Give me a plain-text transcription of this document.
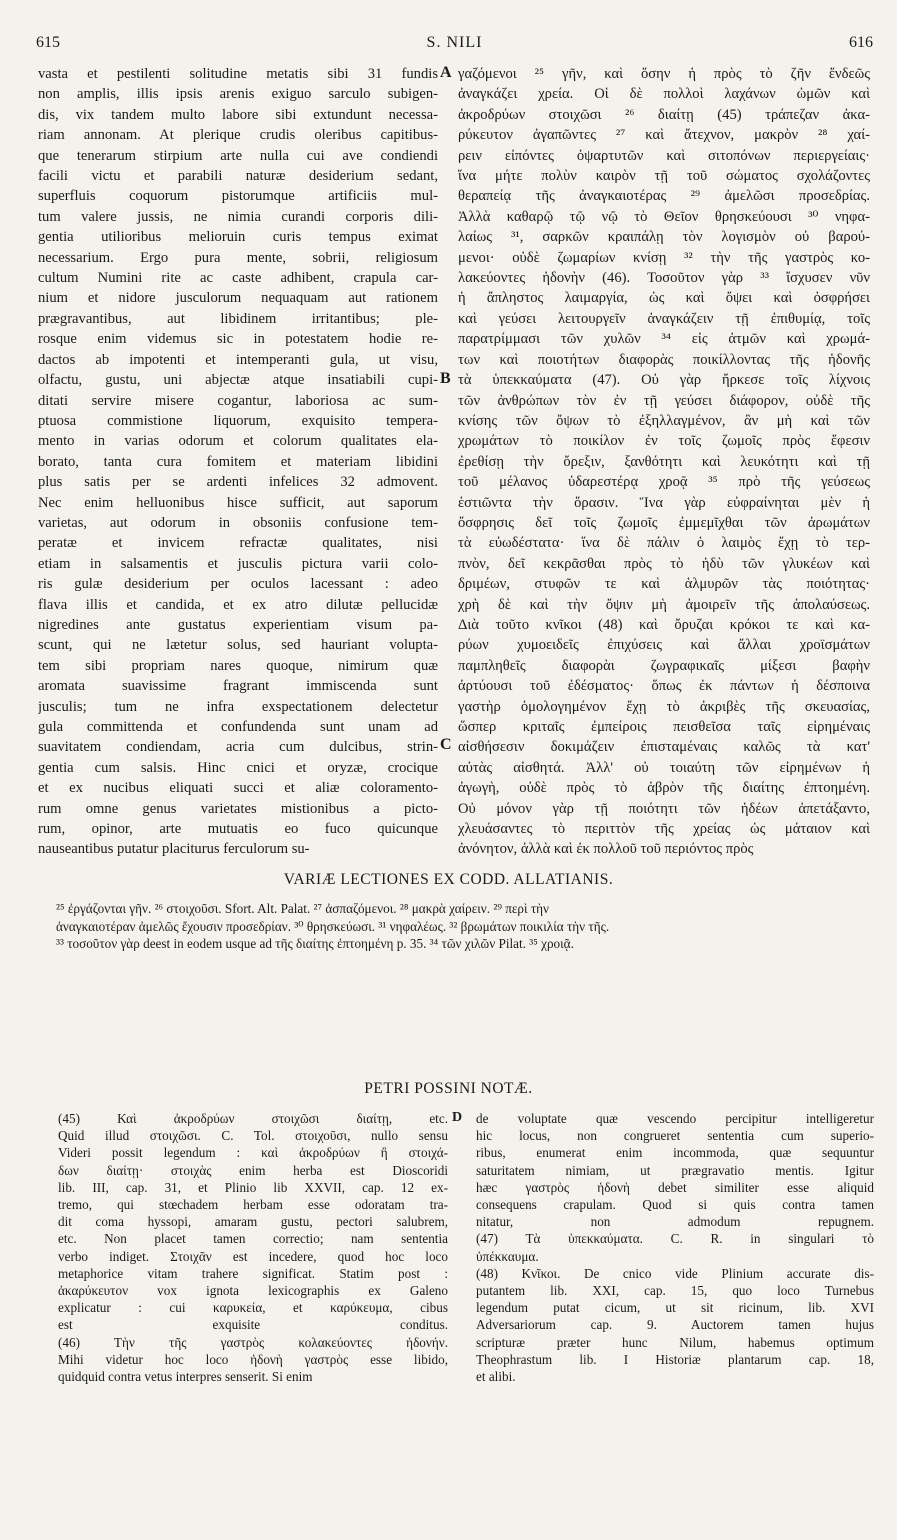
615	S. NILI	616
vasta et pestilenti solitudine metatis sibi 31 fundis
non amplis, illis ipsis arenis exiguo sarculo subigen-
dis, vix tandem multo labore sibi extundunt necessa-
riam annonam. At plerique crudis oleribus capitibus-
que tenerarum stirpium arte nulla cui ave condiendi
facili victu et parabili naturæ desiderium sedant,
superfluis coquorum pistorumque artificiis mul-
tum valere jussis, ne nimia curandi corporis dili-
gentia utilioribus melioruin curis tempus eximat
necessarium. Ergo pura mente, sobrii, religiosum
cultum Numini rite ac caste adhibent, crapula car-
nium et nidore jusculorum nequaquam aut rationem
prægravantibus, aut libidinem irritantibus; ple-
rosque enim videmus sic in potestatem hodie re-
dactos ab impotenti et intemperanti gula, ut visu,
olfactu, gustu, uni abjectæ atque insatiabili cupi-
ditati servire misere cogantur, laboriosa ac sum-
ptuosa commistione liquorum, exquisito tempera-
mento in varias odorum et colorum qualitates ela-
borato, tanta cura fomitem et materiam libidini
plus satis per se ardenti infelices 32 admovent.
Nec enim helluonibus hisce sufficit, aut saporum
varietas, aut odorum in obsoniis confusione tem-
peratæ et invicem refractæ qualitates, nisi
etiam in salsamentis et jusculis pictura varii colo-
ris gulæ desiderium per oculos lacessant : adeo
flava illis et candida, et ex atro dilutæ pellucidæ
nigredines ante gustatus experientiam visum pa-
scunt, qui ne lætetur solus, sed hauriant volupta-
tem sibi propriam nares quoque, nimirum quæ
aromata suavissime fragrant immiscenda sunt
jusculis; tum ne infra exspectationem delectetur
gula committenda et confundenda sunt unam ad
suavitatem condiendam, acria cum dulcibus, strin-
gentia cum salsis. Hinc cnici et oryzæ, crocique
et ex nucibus eliquati succi et aliæ coloramento-
rum omne genus varietates mistionibus a picto-
rum, opinor, arte mutuatis eo fuco quicunque
nauseantibus putatur placiturus ferculorum su-
γαζόμενοι ²⁵ γῆν, καὶ ὅσην ἡ πρὸς τὸ ζῆν ἔνδεῶς
ἀναγκάζει χρεία. Οἱ δὲ πολλοὶ λαχάνων ὠμῶν καὶ
ἀκροδρύων στοιχῶσι ²⁶ διαίτῃ (45) τράπεζαν ἀκα-
ρύκευτον ἀγαπῶντες ²⁷ καὶ ἄτεχνον, μακρὸν ²⁸ χαί-
ρειν εἰπόντες ὀψαρτυτῶν καὶ σιτοπόνων περιεργείαις·
ἵνα μήτε πολὺν καιρὸν τῇ τοῦ σώματος σχολάζοντες
θεραπείᾳ τῆς ἀναγκαιοτέρας ²⁹ ἀμελῶσι προσεδρίας.
Ἀλλὰ καθαρῷ τῷ νῷ τὸ Θεῖον θρησκεύουσι ³⁰ νηφα-
λαίως ³¹, σαρκῶν κραιπάλῃ τὸν λογισμὸν οὐ βαρού-
μενοι· οὐδὲ ζωμαρίων κνίσῃ ³² τὴν τῆς γαστρὸς κο-
λακεύοντες ἡδονὴν (46). Τοσοῦτον γὰρ ³³ ἴσχυσεν νῦν
ἡ ἄπληστος λαιμαργία, ὡς καὶ ὄψει καὶ ὀσφρήσει
καὶ γεύσει λειτουργεῖν ἀναγκάζειν τῇ ἐπιθυμίᾳ, τοῖς
παρατρίμμασι τῶν χυλῶν ³⁴ εἰς ἀτμῶν καὶ χρωμά-
των καὶ ποιοτήτων διαφορὰς ποικίλλοντας τῆς ἡδονῆς
τὰ ὑπεκκαύματα (47). Οὐ γὰρ ἤρκεσε τοῖς λίχνοις
τῶν ἀνθρώπων τὸν ἐν τῇ γεύσει διάφορον, οὐδὲ τῆς
κνίσης τῶν ὄψων τὸ ἐξηλλαγμένον, ἂν μὴ καὶ τῶν
χρωμάτων τὸ ποικίλον ἐν τοῖς ζωμοῖς πρὸς ἔφεσιν
ἐρεθίσῃ τὴν ὄρεξιν, ξανθότητι καὶ λευκότητι καὶ τῇ
τοῦ μέλανος ὑδαρεστέρᾳ χροᾷ ³⁵ πρὸ τῆς γεύσεως
ἑστιῶντα τὴν ὅρασιν. Ἵνα γὰρ εὐφραίνηται μὲν ἡ
ὄσφρησις δεῖ τοῖς ζωμοῖς ἐμμεμῖχθαι τῶν ἀρωμάτων
τὰ εὐωδέστατα· ἵνα δὲ πάλιν ὁ λαιμὸς ἔχῃ τὸ τερ-
πνὸν, δεῖ κεκρᾶσθαι πρὸς τὸ ἡδὺ τῶν γλυκέων καὶ
δριμέων, στυφῶν τε καὶ ἁλμυρῶν τὰς ποιότητας·
χρὴ δὲ καὶ τὴν ὄψιν μὴ ἀμοιρεῖν τῆς ἀπολαύσεως.
Διὰ τοῦτο κνῖκοι (48) καὶ ὄρυζαι κρόκοι τε καὶ κα-
ρύων χυμοειδεῖς ἐπιχύσεις καὶ ἄλλαι χροϊσμάτων
παμπληθεῖς διαφορὰι ζωγραφικαῖς μίξεσι βαφὴν
ἀρτύουσι τοῦ ἐδέσματος· ὅπως ἐκ πάντων ἡ δέσποινα
γαστὴρ ὁμολογημένον ἔχῃ τὸ ἀκριβὲς τῆς σκευασίας,
ὥσπερ κριταῖς ἐμπείροις πεισθεῖσα ταῖς εἰρημέναις
αἰσθήσεσιν δοκιμάζειν ἐπισταμέναις καλῶς τὰ κατ'
αὐτὰς αἰσθητά. Ἀλλ' οὐ τοιαύτη τῶν εἰρημένων ἡ
ἀγωγὴ, οὐδὲ πρὸς τὸ ἁβρὸν τῆς διαίτης ἐπτοημένη.
Οὐ μόνον γὰρ τῇ ποιότητι τῶν ἡδέων ἀπετάξαντο,
χλευάσαντες τὸ περιττὸν τῆς χρείας ὡς μάταιον καὶ
ἀνόνητον, ἀλλὰ καὶ ἐκ πολλοῦ τοῦ περιόντος πρὸς
A
B
C
D
VARIÆ LECTIONES EX CODD. ALLATIANIS.
²⁵ ἐργάζονται γῆν. ²⁶ στοιχοῦσι. Sfort. Alt. Palat. ²⁷ ἀσπαζόμενοι. ²⁸ μακρὰ χαίρειν. ²⁹ περὶ τὴν
ἀναγκαιοτέραν ἀμελῶς ἔχουσιν προσεδρίαν. ³⁰ θρησκεύωσι. ³¹ νηφαλέως. ³² βρωμάτων ποικιλία τὴν τῆς.
³³ τοσοῦτον γὰρ deest in eodem usque ad τῆς διαίτης ἐπτοημένη p. 35. ³⁴ τῶν χιλῶν Pilat. ³⁵ χροιᾷ.
PETRI POSSINI NOTÆ.
(45) Καὶ ἀκροδρύων στοιχῶσι διαίτῃ, etc.
Quid illud στοιχῶσι. C. Tol. στοιχοῦσι, nullo sensu
Videri possit legendum : καὶ ἀκροδρύων ἢ στοιχά-
δων διαίτῃ· στοιχὰς enim herba est Dioscoridi
lib. III, cap. 31, et Plinio lib XXVII, cap. 12 ex-
tremo, qui stœchadem herbam esse odoratam tra-
dit coma hyssopi, amaram gustu, pectori salubrem,
etc. Non placet tamen correctio; nam sententia
verbo indiget. Στοιχᾶν est incedere, quod hoc loco
metaphorice vitam trahere significat. Statim post :
ἀκαρύκευτον vox ignota lexicographis ex Galeno
explicatur : cui καρυκεία, et καρύκευμα, cibus
est exquisite conditus.
(46) Τὴν τῆς γαστρὸς κολακεύοντες ἡδονήν.
Mihi videtur hoc loco ἡδονὴ γαστρὸς esse libido,
quidquid contra vetus interpres senserit. Si enim
de voluptate quæ vescendo percipitur intelligeretur
hic locus, non congrueret sententia cum superio-
ribus, enumerat enim incommoda, quæ sequuntur
saturitatem nimiam, ut prægravatio mentis. Igitur
hæc γαστρὸς ἡδονὴ debet similiter esse aliquid
consequens crapulam. Quod si quis contra tamen
nitatur, non admodum repugnem.
(47) Τὰ ὑπεκκαύματα. C. R. in singulari τὸ
ὑπέκκαυμα.
(48) Κνῖκοι. De cnico vide Plinium accurate dis-
putantem lib. XXI, cap. 15, quo loco Turnebus
legendum putat cicum, ut sit ricinum, lib. XVI
Adversariorum cap. 9. Auctorem tamen hujus
scripturæ præter hunc Nilum, habemus optimum
Theophrastum lib. I Historiæ plantarum cap. 18,
et alibi.
